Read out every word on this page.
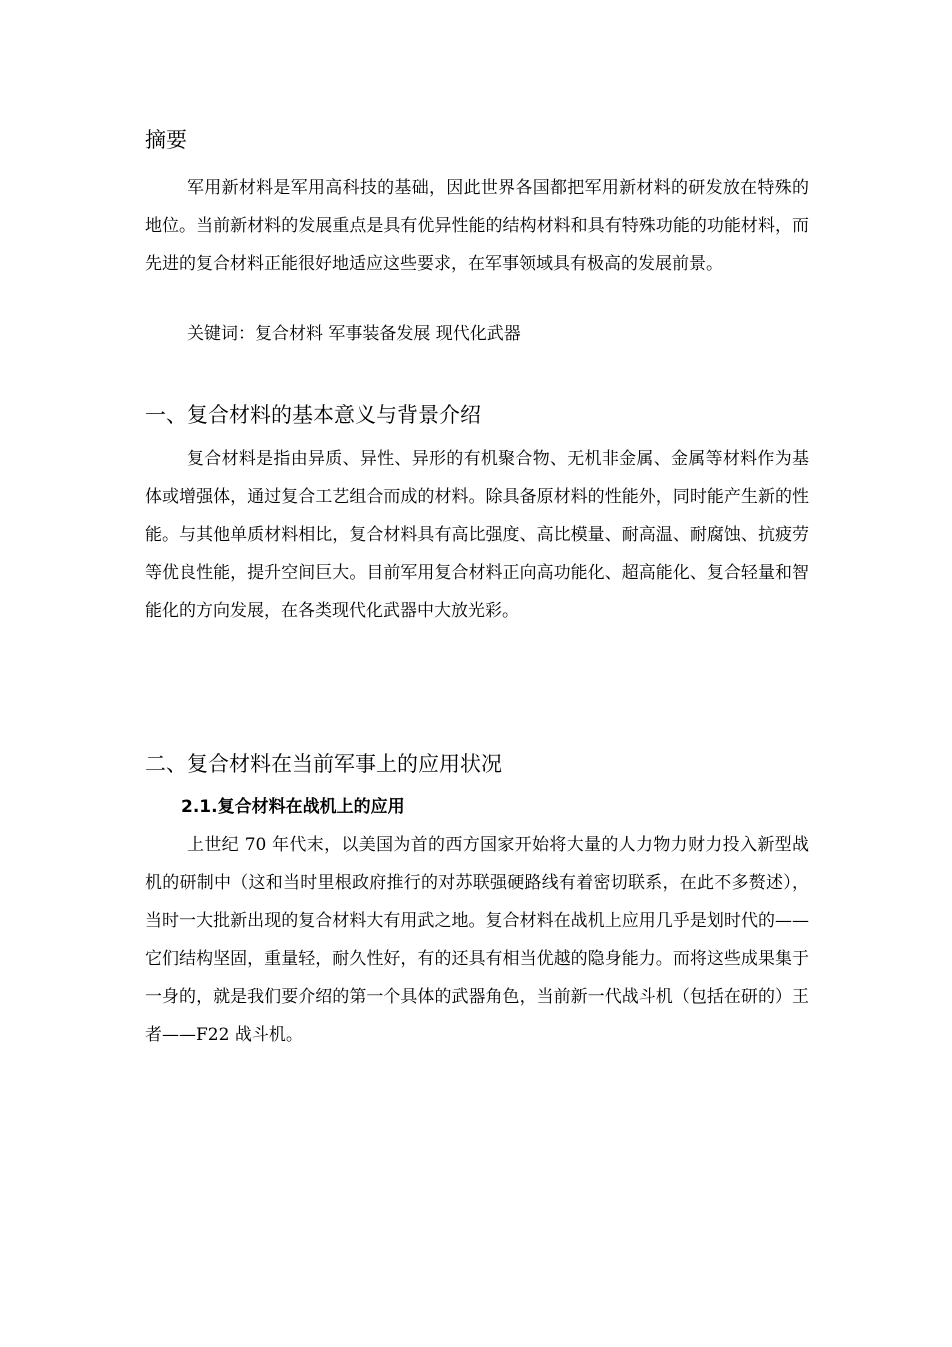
摘要

军用新材料是军用高科技的基础，因此世界各国都把军用新材料的研发放在特殊的地位。当前新材料的发展重点是具有优异性能的结构材料和具有特殊功能的功能材料，而先进的复合材料正能很好地适应这些要求，在军事领域具有极高的发展前景。

关键词：复合材料 军事装备发展 现代化武器

一、复合材料的基本意义与背景介绍

复合材料是指由异质、异性、异形的有机聚合物、无机非金属、金属等材料作为基体或增强体，通过复合工艺组合而成的材料。除具备原材料的性能外，同时能产生新的性能。与其他单质材料相比，复合材料具有高比强度、高比模量、耐高温、耐腐蚀、抗疲劳等优良性能，提升空间巨大。目前军用复合材料正向高功能化、超高能化、复合轻量和智能化的方向发展，在各类现代化武器中大放光彩。

二、复合材料在当前军事上的应用状况
2.1.复合材料在战机上的应用

上世纪 70 年代末，以美国为首的西方国家开始将大量的人力物力财力投入新型战机的研制中（这和当时里根政府推行的对苏联强硬路线有着密切联系，在此不多赘述），当时一大批新出现的复合材料大有用武之地。复合材料在战机上应用几乎是划时代的——它们结构坚固，重量轻，耐久性好，有的还具有相当优越的隐身能力。而将这些成果集于一身的，就是我们要介绍的第一个具体的武器角色，当前新一代战斗机（包括在研的）王者——F22 战斗机。
